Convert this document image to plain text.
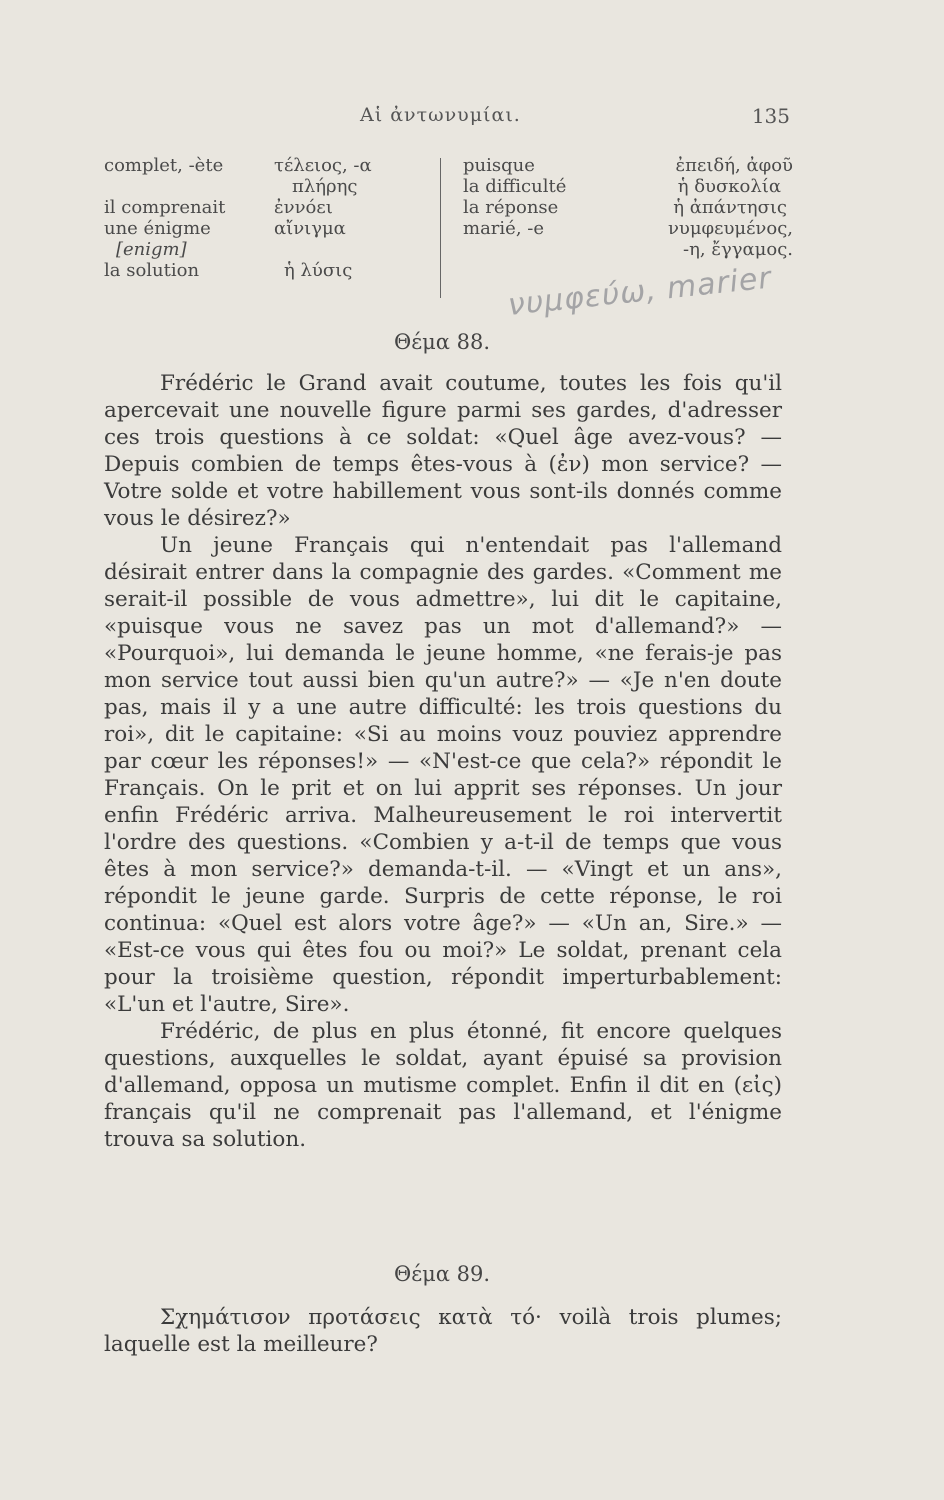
Αἱ ἀντωνυμίαι.	135
complet, -ète	τέλειος, -α
πλήρης
il comprenait	ἐννόει
une énigme	αἴνιγμα
[enigm]
la solution	ἡ λύσις
puisque	ἐπειδή, ἀφοῦ
la difficulté	ἡ δυσκολία
la réponse	ἡ ἀπάντησις
marié, -e	νυμφευμένος,
-η, ἔγγαμος.
νυμφεύω, marier
Θέμα 88.

Frédéric le Grand avait coutume, toutes les fois qu'il apercevait une nouvelle figure parmi ses gardes, d'adresser ces trois questions à ce soldat: «Quel âge avez-vous? — Depuis combien de temps êtes-vous à (ἐν) mon service? — Votre solde et votre habillement vous sont-ils donnés comme vous le désirez?»

Un jeune Français qui n'entendait pas l'allemand désirait entrer dans la compagnie des gardes. «Comment me serait-il possible de vous admettre», lui dit le capitaine, «puisque vous ne savez pas un mot d'allemand?» — «Pourquoi», lui demanda le jeune homme, «ne ferais-je pas mon service tout aussi bien qu'un autre?» — «Je n'en doute pas, mais il y a une autre difficulté: les trois questions du roi», dit le capitaine: «Si au moins vouz pouviez apprendre par cœur les réponses!» — «N'est-ce que cela?» répondit le Français. On le prit et on lui apprit ses réponses. Un jour enfin Frédéric arriva. Malheureusement le roi intervertit l'ordre des questions. «Combien y a-t-il de temps que vous êtes à mon service?» demanda-t-il. — «Vingt et un ans», répondit le jeune garde. Surpris de cette réponse, le roi continua: «Quel est alors votre âge?» — «Un an, Sire.» — «Est-ce vous qui êtes fou ou moi?» Le soldat, prenant cela pour la troisième question, répondit imperturbablement: «L'un et l'autre, Sire».

Frédéric, de plus en plus étonné, fit encore quelques questions, auxquelles le soldat, ayant épuisé sa provision d'allemand, opposa un mutisme complet. Enfin il dit en (εἰς) français qu'il ne comprenait pas l'allemand, et l'énigme trouva sa solution.

Θέμα 89.

Σχημάτισον προτάσεις κατὰ τό· voilà trois plumes; laquelle est la meilleure?
